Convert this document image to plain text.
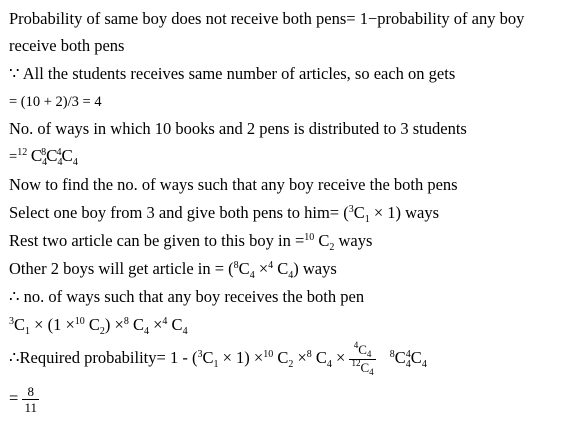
Probability of same boy does not receive both pens= 1−probability of any boy
receive both pens
∵ All the students receives same number of articles, so each on gets
= (10 + 2)/3 = 4
No. of ways in which 10 books and 2 pens is distributed to 3 students
=$^{12}$ $C_4^8C_4^4C_4$
Now to find the no. of ways such that any boy receive the both pens
Select one boy from 3 and give both pens to $him= (^3C_1 \times 1)$ ways
Rest two article can be given to this boy in =$^{10}$ $C_2$ ways
Other 2 boys will get article in = ($^8C_4 \times^4$ $C_4$) ways
∴ no. of ways such that any boy receives the both pen
$^3C_1 \times (1 \times^{10}$ $C_2) \times^8$ $C_4 \times^4$ $C_4$
∴Required probability= $1 - (^3C_1 \times 1) \times^{10}$ $C_2 \times^8$ $C_4 \times \frac{^4C_4}{^{12}C_4} ^8C_4^4C_4$
= $\frac{8}{11}$
